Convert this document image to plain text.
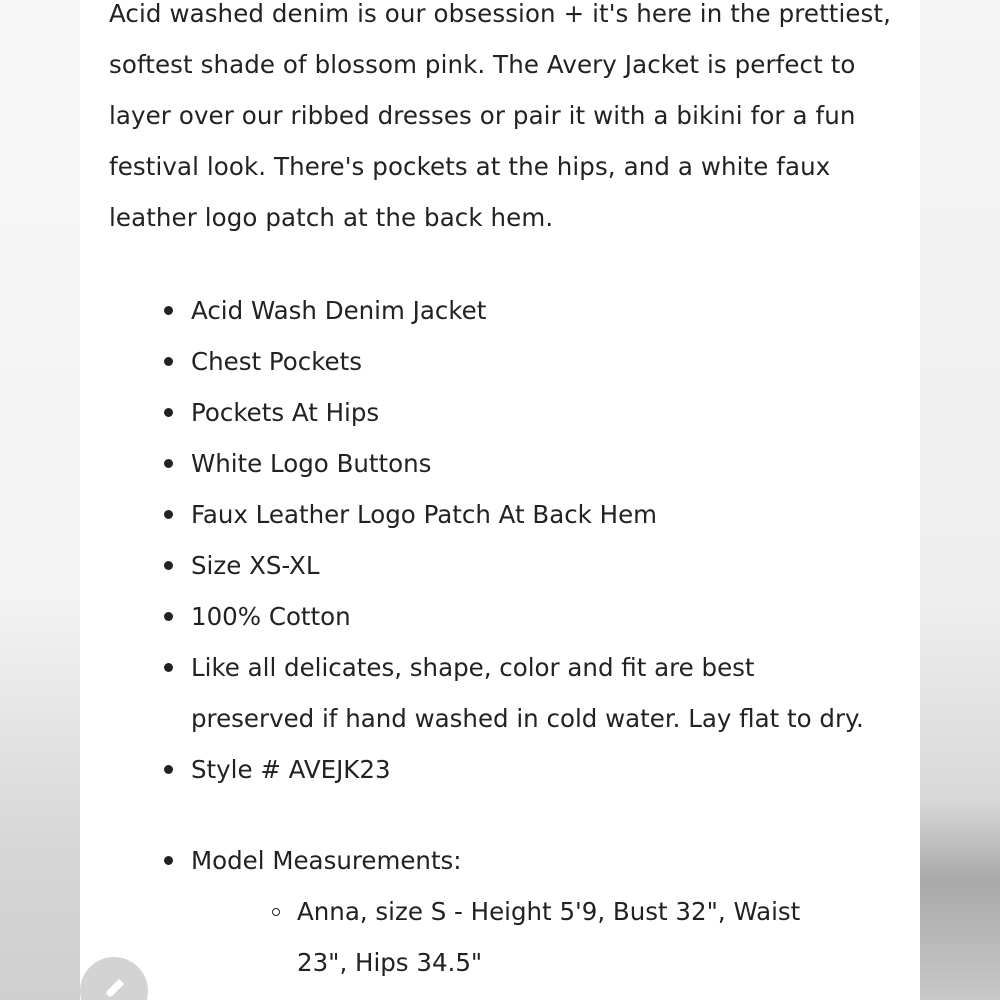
Acid washed denim is our obsession + it's here in the prettiest, softest shade of blossom pink. The Avery Jacket is perfect to layer over our ribbed dresses or pair it with a bikini for a fun festival look. There's pockets at the hips, and a white faux leather logo patch at the back hem.

Acid Wash Denim Jacket
Chest Pockets
Pockets At Hips
White Logo Buttons
Faux Leather Logo Patch At Back Hem
Size XS-XL
100% Cotton
Like all delicates, shape, color and fit are best preserved if hand washed in cold water. Lay flat to dry.
Style # AVEJK23
Model Measurements:
Anna, size S - Height 5'9, Bust 32", Waist 23", Hips 34.5"
